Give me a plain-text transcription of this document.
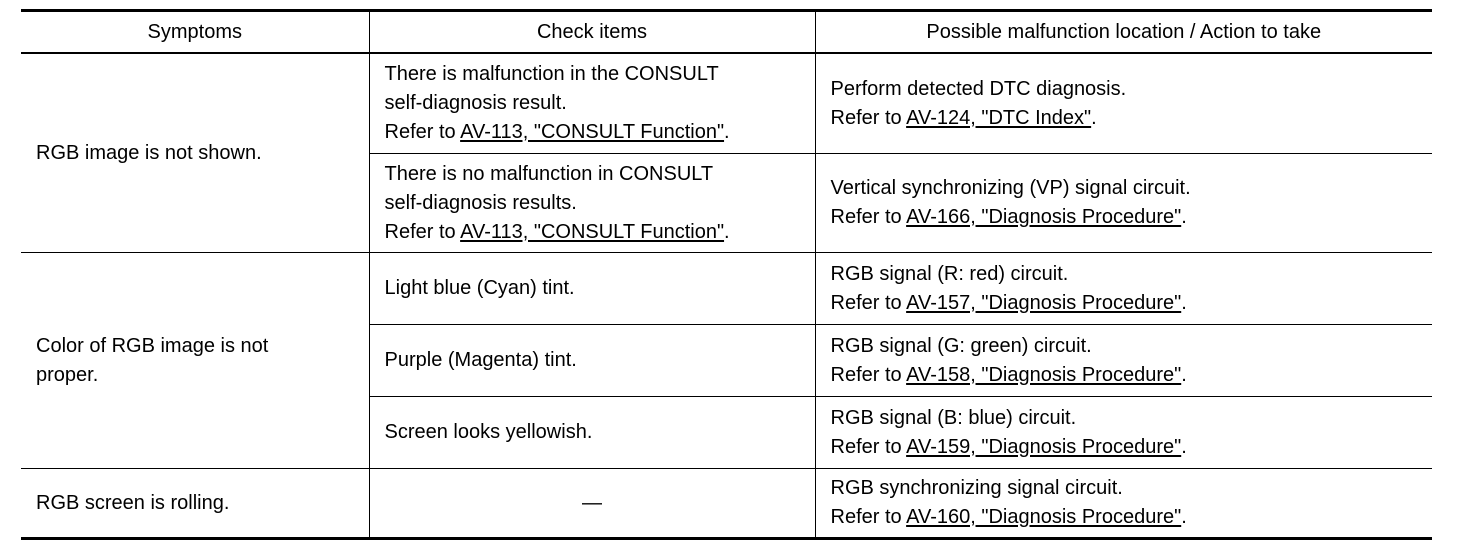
Symptoms	Check items	Possible malfunction location / Action to take
RGB image is not shown.	There is malfunction in the CONSULT
self-diagnosis result.
Refer to AV-113, "CONSULT Function".	Perform detected DTC diagnosis.
Refer to AV-124, "DTC Index".

	There is no malfunction in CONSULT
self-diagnosis results.
Refer to AV-113, "CONSULT Function".	Vertical synchronizing (VP) signal circuit.
Refer to AV-166, "Diagnosis Procedure".

Color of RGB image is not proper.	Light blue (Cyan) tint.	RGB signal (R: red) circuit.
Refer to AV-157, "Diagnosis Procedure".

	Purple (Magenta) tint.	RGB signal (G: green) circuit.
Refer to AV-158, "Diagnosis Procedure".

	Screen looks yellowish.	RGB signal (B: blue) circuit.
Refer to AV-159, "Diagnosis Procedure".

RGB screen is rolling.	—	RGB synchronizing signal circuit.
Refer to AV-160, "Diagnosis Procedure".
